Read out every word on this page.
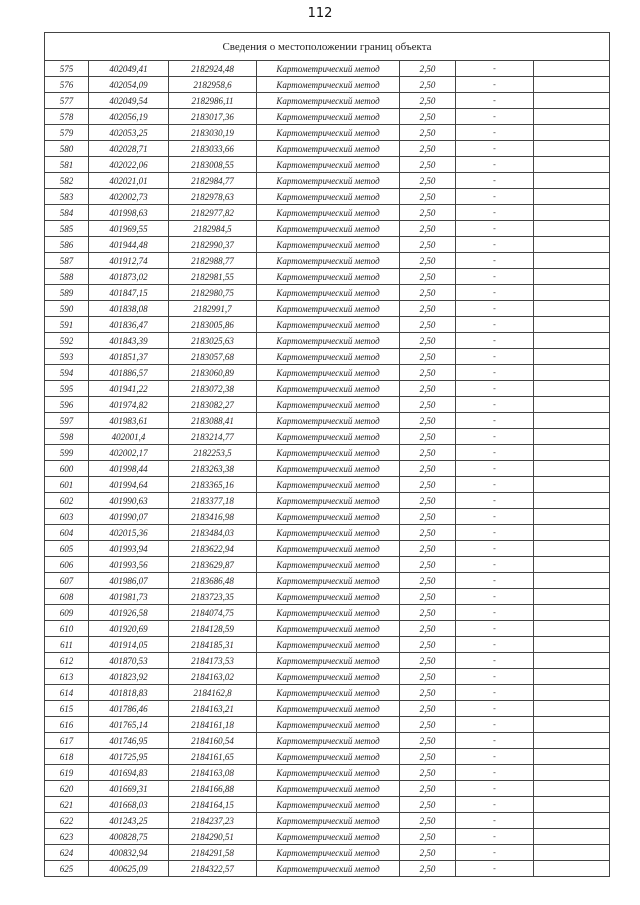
112
Сведения о местоположении границ объекта						
575	402049,41	2182924,48	Картометрический метод	2,50	-	
576	402054,09	2182958,6	Картометрический метод	2,50	-	
577	402049,54	2182986,11	Картометрический метод	2,50	-	
578	402056,19	2183017,36	Картометрический метод	2,50	-	
579	402053,25	2183030,19	Картометрический метод	2,50	-	
580	402028,71	2183033,66	Картометрический метод	2,50	-	
581	402022,06	2183008,55	Картометрический метод	2,50	-	
582	402021,01	2182984,77	Картометрический метод	2,50	-	
583	402002,73	2182978,63	Картометрический метод	2,50	-	
584	401998,63	2182977,82	Картометрический метод	2,50	-	
585	401969,55	2182984,5	Картометрический метод	2,50	-	
586	401944,48	2182990,37	Картометрический метод	2,50	-	
587	401912,74	2182988,77	Картометрический метод	2,50	-	
588	401873,02	2182981,55	Картометрический метод	2,50	-	
589	401847,15	2182980,75	Картометрический метод	2,50	-	
590	401838,08	2182991,7	Картометрический метод	2,50	-	
591	401836,47	2183005,86	Картометрический метод	2,50	-	
592	401843,39	2183025,63	Картометрический метод	2,50	-	
593	401851,37	2183057,68	Картометрический метод	2,50	-	
594	401886,57	2183060,89	Картометрический метод	2,50	-	
595	401941,22	2183072,38	Картометрический метод	2,50	-	
596	401974,82	2183082,27	Картометрический метод	2,50	-	
597	401983,61	2183088,41	Картометрический метод	2,50	-	
598	402001,4	2183214,77	Картометрический метод	2,50	-	
599	402002,17	2182253,5	Картометрический метод	2,50	-	
600	401998,44	2183263,38	Картометрический метод	2,50	-	
601	401994,64	2183365,16	Картометрический метод	2,50	-	
602	401990,63	2183377,18	Картометрический метод	2,50	-	
603	401990,07	2183416,98	Картометрический метод	2,50	-	
604	402015,36	2183484,03	Картометрический метод	2,50	-	
605	401993,94	2183622,94	Картометрический метод	2,50	-	
606	401993,56	2183629,87	Картометрический метод	2,50	-	
607	401986,07	2183686,48	Картометрический метод	2,50	-	
608	401981,73	2183723,35	Картометрический метод	2,50	-	
609	401926,58	2184074,75	Картометрический метод	2,50	-	
610	401920,69	2184128,59	Картометрический метод	2,50	-	
611	401914,05	2184185,31	Картометрический метод	2,50	-	
612	401870,53	2184173,53	Картометрический метод	2,50	-	
613	401823,92	2184163,02	Картометрический метод	2,50	-	
614	401818,83	2184162,8	Картометрический метод	2,50	-	
615	401786,46	2184163,21	Картометрический метод	2,50	-	
616	401765,14	2184161,18	Картометрический метод	2,50	-	
617	401746,95	2184160,54	Картометрический метод	2,50	-	
618	401725,95	2184161,65	Картометрический метод	2,50	-	
619	401694,83	2184163,08	Картометрический метод	2,50	-	
620	401669,31	2184166,88	Картометрический метод	2,50	-	
621	401668,03	2184164,15	Картометрический метод	2,50	-	
622	401243,25	2184237,23	Картометрический метод	2,50	-	
623	400828,75	2184290,51	Картометрический метод	2,50	-	
624	400832,94	2184291,58	Картометрический метод	2,50	-	
625	400625,09	2184322,57	Картометрический метод	2,50	-	
